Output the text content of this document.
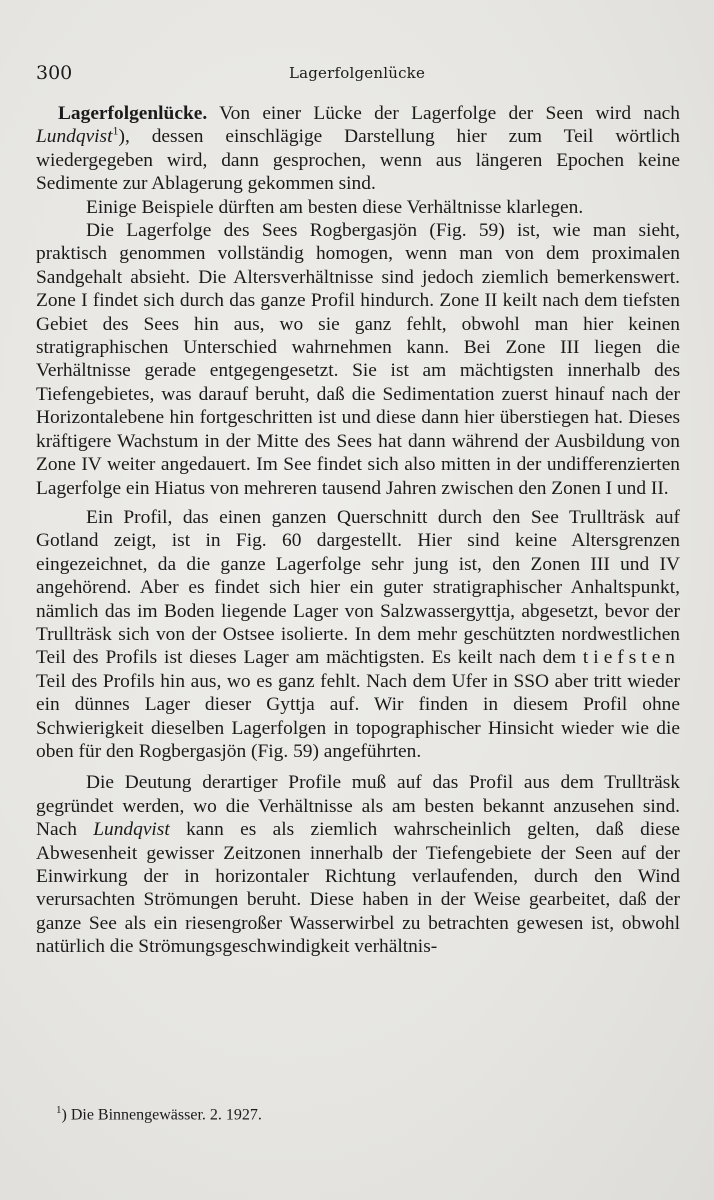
300	Lagerfolgenlücke

Lagerfolgenlücke. Von einer Lücke der Lagerfolge der Seen wird nach Lundqvist$^1$), dessen einschlägige Darstellung hier zum Teil wörtlich wiedergegeben wird, dann gesprochen, wenn aus längeren Epochen keine Sedimente zur Ablagerung gekommen sind.

Einige Beispiele dürften am besten diese Verhältnisse klarlegen.

Die Lagerfolge des Sees Rogbergasjön (Fig. 59) ist, wie man sieht, praktisch genommen vollständig homogen, wenn man von dem proximalen Sandgehalt absieht. Die Altersverhältnisse sind jedoch ziemlich bemerkenswert. Zone I findet sich durch das ganze Profil hindurch. Zone II keilt nach dem tiefsten Gebiet des Sees hin aus, wo sie ganz fehlt, obwohl man hier keinen stratigraphischen Unterschied wahrnehmen kann. Bei Zone III liegen die Verhältnisse gerade entgegengesetzt. Sie ist am mächtigsten innerhalb des Tiefengebietes, was darauf beruht, daß die Sedimentation zuerst hinauf nach der Horizontalebene hin fortgeschritten ist und diese dann hier überstiegen hat. Dieses kräftigere Wachstum in der Mitte des Sees hat dann während der Ausbildung von Zone IV weiter angedauert. Im See findet sich also mitten in der undifferenzierten Lagerfolge ein Hiatus von mehreren tausend Jahren zwischen den Zonen I und II.

Ein Profil, das einen ganzen Querschnitt durch den See Trullträsk auf Gotland zeigt, ist in Fig. 60 dargestellt. Hier sind keine Altersgrenzen eingezeichnet, da die ganze Lagerfolge sehr jung ist, den Zonen III und IV angehörend. Aber es findet sich hier ein guter stratigraphischer Anhaltspunkt, nämlich das im Boden liegende Lager von Salzwassergyttja, abgesetzt, bevor der Trullträsk sich von der Ostsee isolierte. In dem mehr geschützten nordwestlichen Teil des Profils ist dieses Lager am mächtigsten. Es keilt nach dem tiefsten Teil des Profils hin aus, wo es ganz fehlt. Nach dem Ufer in SSO aber tritt wieder ein dünnes Lager dieser Gyttja auf. Wir finden in diesem Profil ohne Schwierigkeit dieselben Lagerfolgen in topographischer Hinsicht wieder wie die oben für den Rogbergasjön (Fig. 59) angeführten.

Die Deutung derartiger Profile muß auf das Profil aus dem Trullträsk gegründet werden, wo die Verhältnisse als am besten bekannt anzusehen sind. Nach Lundqvist kann es als ziemlich wahrscheinlich gelten, daß diese Abwesenheit gewisser Zeitzonen innerhalb der Tiefengebiete der Seen auf der Einwirkung der in horizontaler Richtung verlaufenden, durch den Wind verursachten Strömungen beruht. Diese haben in der Weise gearbeitet, daß der ganze See als ein riesengroßer Wasserwirbel zu betrachten gewesen ist, obwohl natürlich die Strömungsgeschwindigkeit verhältnis-

$^1$) Die Binnengewässer. 2. 1927.
